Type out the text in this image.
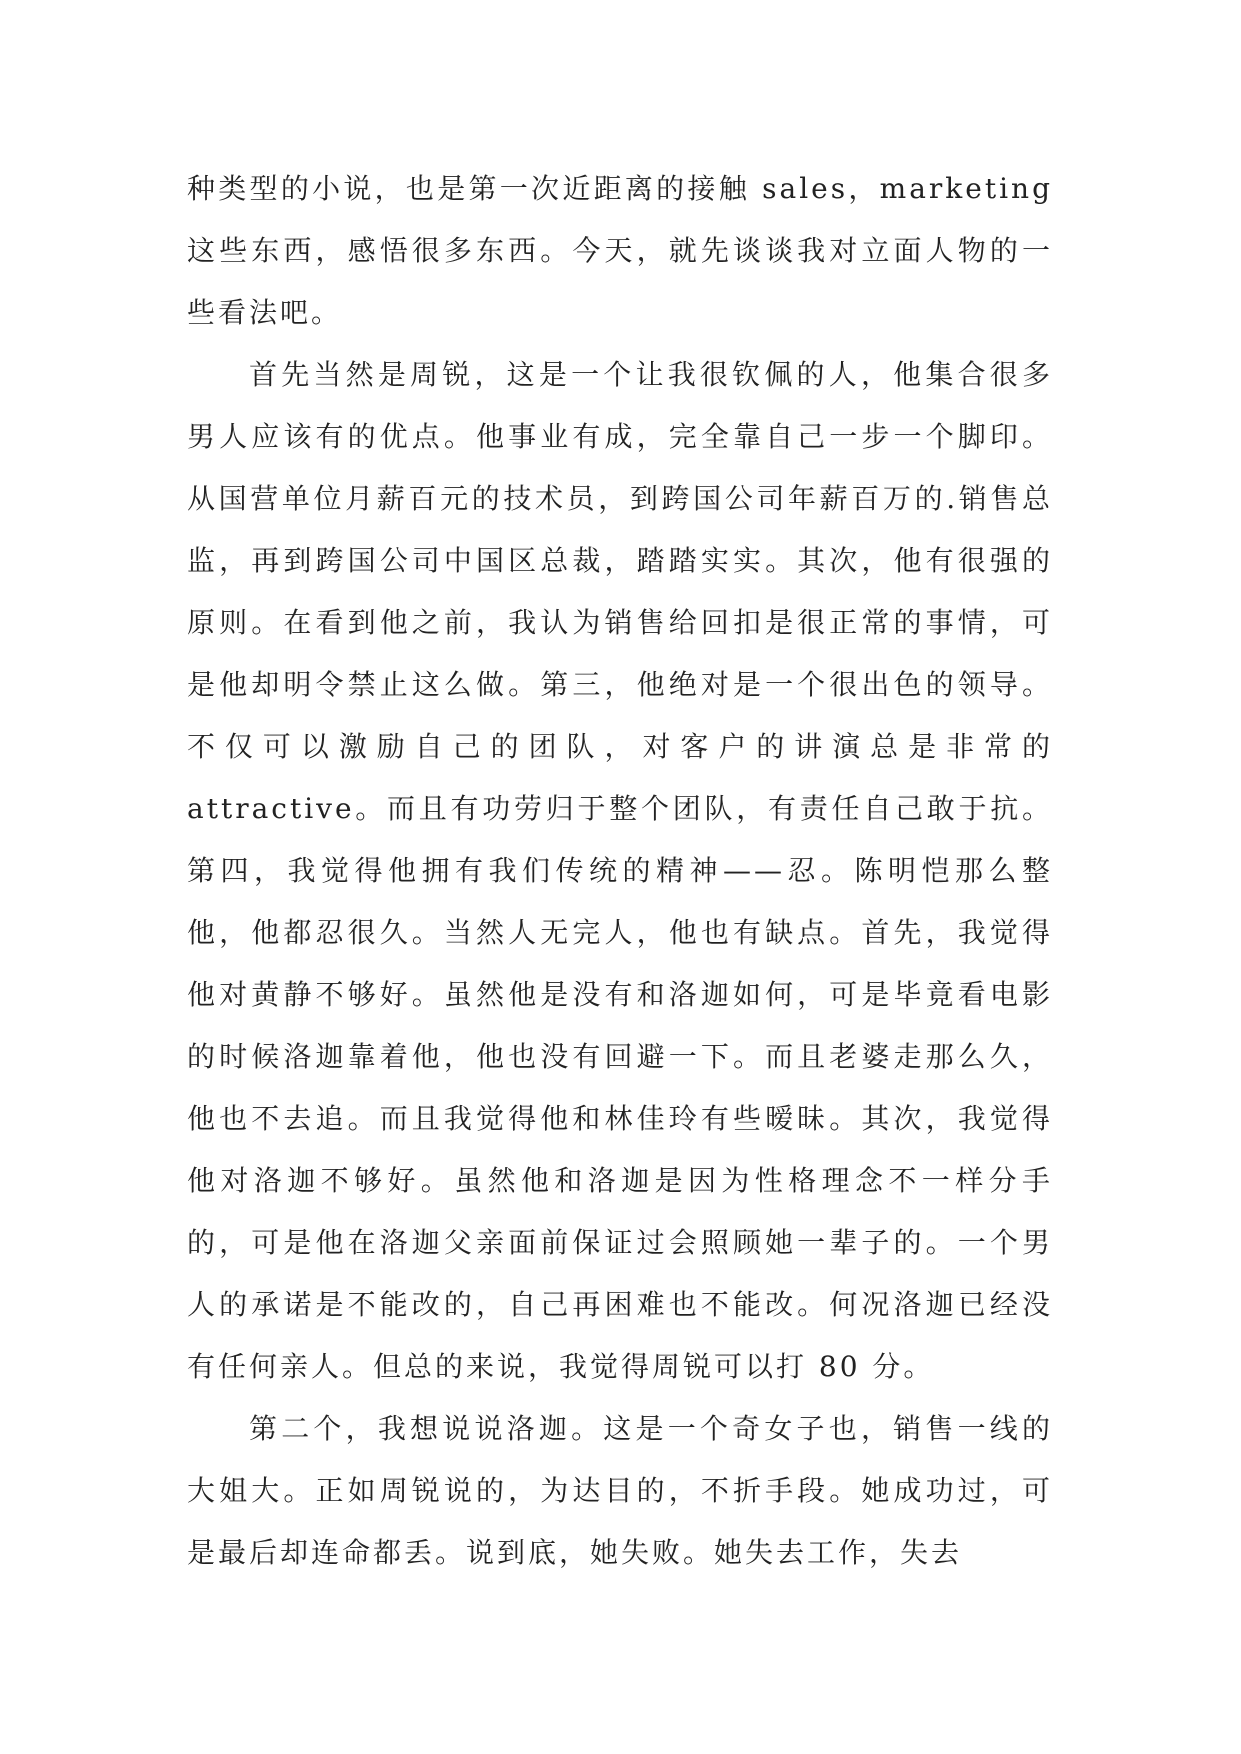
种类型的小说，也是第一次近距离的接触 sales，marketing 这些东西，感悟很多东西。今天，就先谈谈我对立面人物的一些看法吧。

首先当然是周锐，这是一个让我很钦佩的人，他集合很多男人应该有的优点。他事业有成，完全靠自己一步一个脚印。从国营单位月薪百元的技术员，到跨国公司年薪百万的.销售总监，再到跨国公司中国区总裁，踏踏实实。其次，他有很强的原则。在看到他之前，我认为销售给回扣是很正常的事情，可是他却明令禁止这么做。第三，他绝对是一个很出色的领导。不仅可以激励自己的团队，对客户的讲演总是非常的 attractive。而且有功劳归于整个团队，有责任自己敢于抗。第四，我觉得他拥有我们传统的精神——忍。陈明恺那么整他，他都忍很久。当然人无完人，他也有缺点。首先，我觉得他对黄静不够好。虽然他是没有和洛迦如何，可是毕竟看电影的时候洛迦靠着他，他也没有回避一下。而且老婆走那么久，他也不去追。而且我觉得他和林佳玲有些暧昧。其次，我觉得他对洛迦不够好。虽然他和洛迦是因为性格理念不一样分手的，可是他在洛迦父亲面前保证过会照顾她一辈子的。一个男人的承诺是不能改的，自己再困难也不能改。何况洛迦已经没有任何亲人。但总的来说，我觉得周锐可以打 80 分。

第二个，我想说说洛迦。这是一个奇女子也，销售一线的大姐大。正如周锐说的，为达目的，不折手段。她成功过，可是最后却连命都丢。说到底，她失败。她失去工作，失去
